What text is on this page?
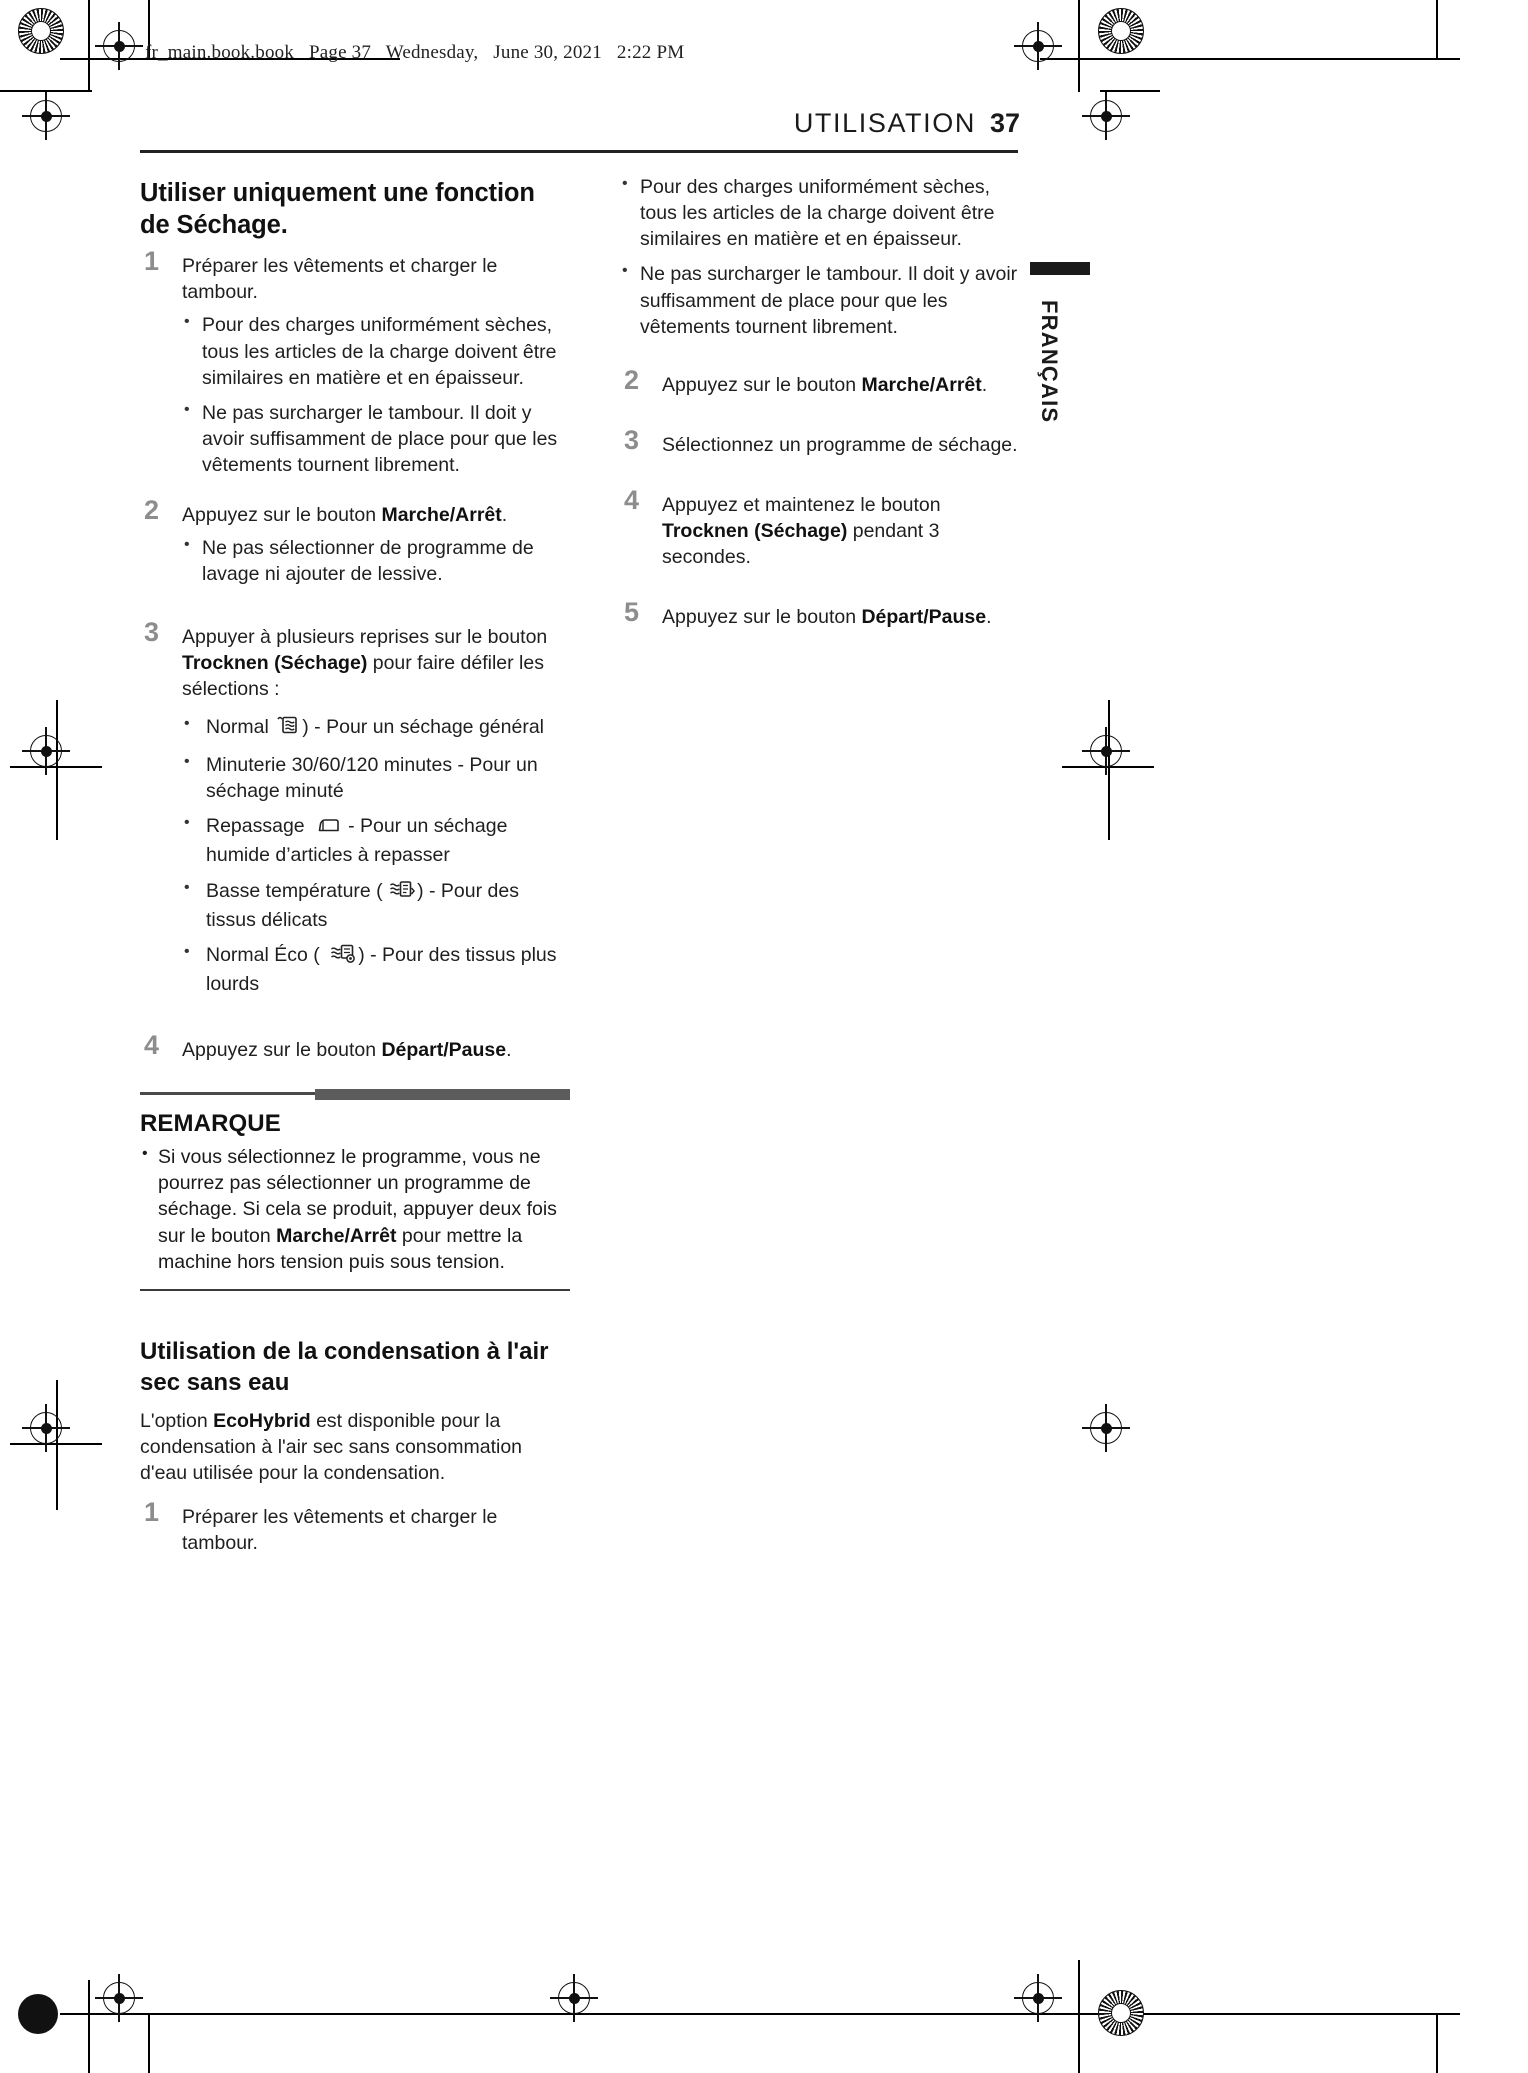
fr_main.book.book Page 37 Wednesday, June 30, 2021 2:22 PM
UTILISATION 37
FRANÇAIS
Utiliser uniquement une fonction de Séchage.
1 Préparer les vêtements et charger le tambour.
• Pour des charges uniformément sèches, tous les articles de la charge doivent être similaires en matière et en épaisseur.
• Ne pas surcharger le tambour. Il doit y avoir suffisamment de place pour que les vêtements tournent librement.
2 Appuyez sur le bouton Marche/Arrêt.
• Ne pas sélectionner de programme de lavage ni ajouter de lessive.
3 Appuyer à plusieurs reprises sur le bouton Trocknen (Séchage) pour faire défiler les sélections :
• Normal ) - Pour un séchage général
• Minuterie 30/60/120 minutes - Pour un séchage minuté
• Repassage - Pour un séchage humide d’articles à repasser
• Basse température ( ) - Pour des tissus délicats
• Normal Éco ( ) - Pour des tissus plus lourds
4 Appuyez sur le bouton Départ/Pause.
REMARQUE
• Si vous sélectionnez le programme, vous ne pourrez pas sélectionner un programme de séchage. Si cela se produit, appuyer deux fois sur le bouton Marche/Arrêt pour mettre la machine hors tension puis sous tension.
Utilisation de la condensation à l'air sec sans eau

L'option EcoHybrid est disponible pour la condensation à l'air sec sans consommation d'eau utilisée pour la condensation.

1 Préparer les vêtements et charger le tambour.
• Pour des charges uniformément sèches, tous les articles de la charge doivent être similaires en matière et en épaisseur.
• Ne pas surcharger le tambour. Il doit y avoir suffisamment de place pour que les vêtements tournent librement.
2 Appuyez sur le bouton Marche/Arrêt.
3 Sélectionnez un programme de séchage.
4 Appuyez et maintenez le bouton Trocknen (Séchage) pendant 3 secondes.
5 Appuyez sur le bouton Départ/Pause.
